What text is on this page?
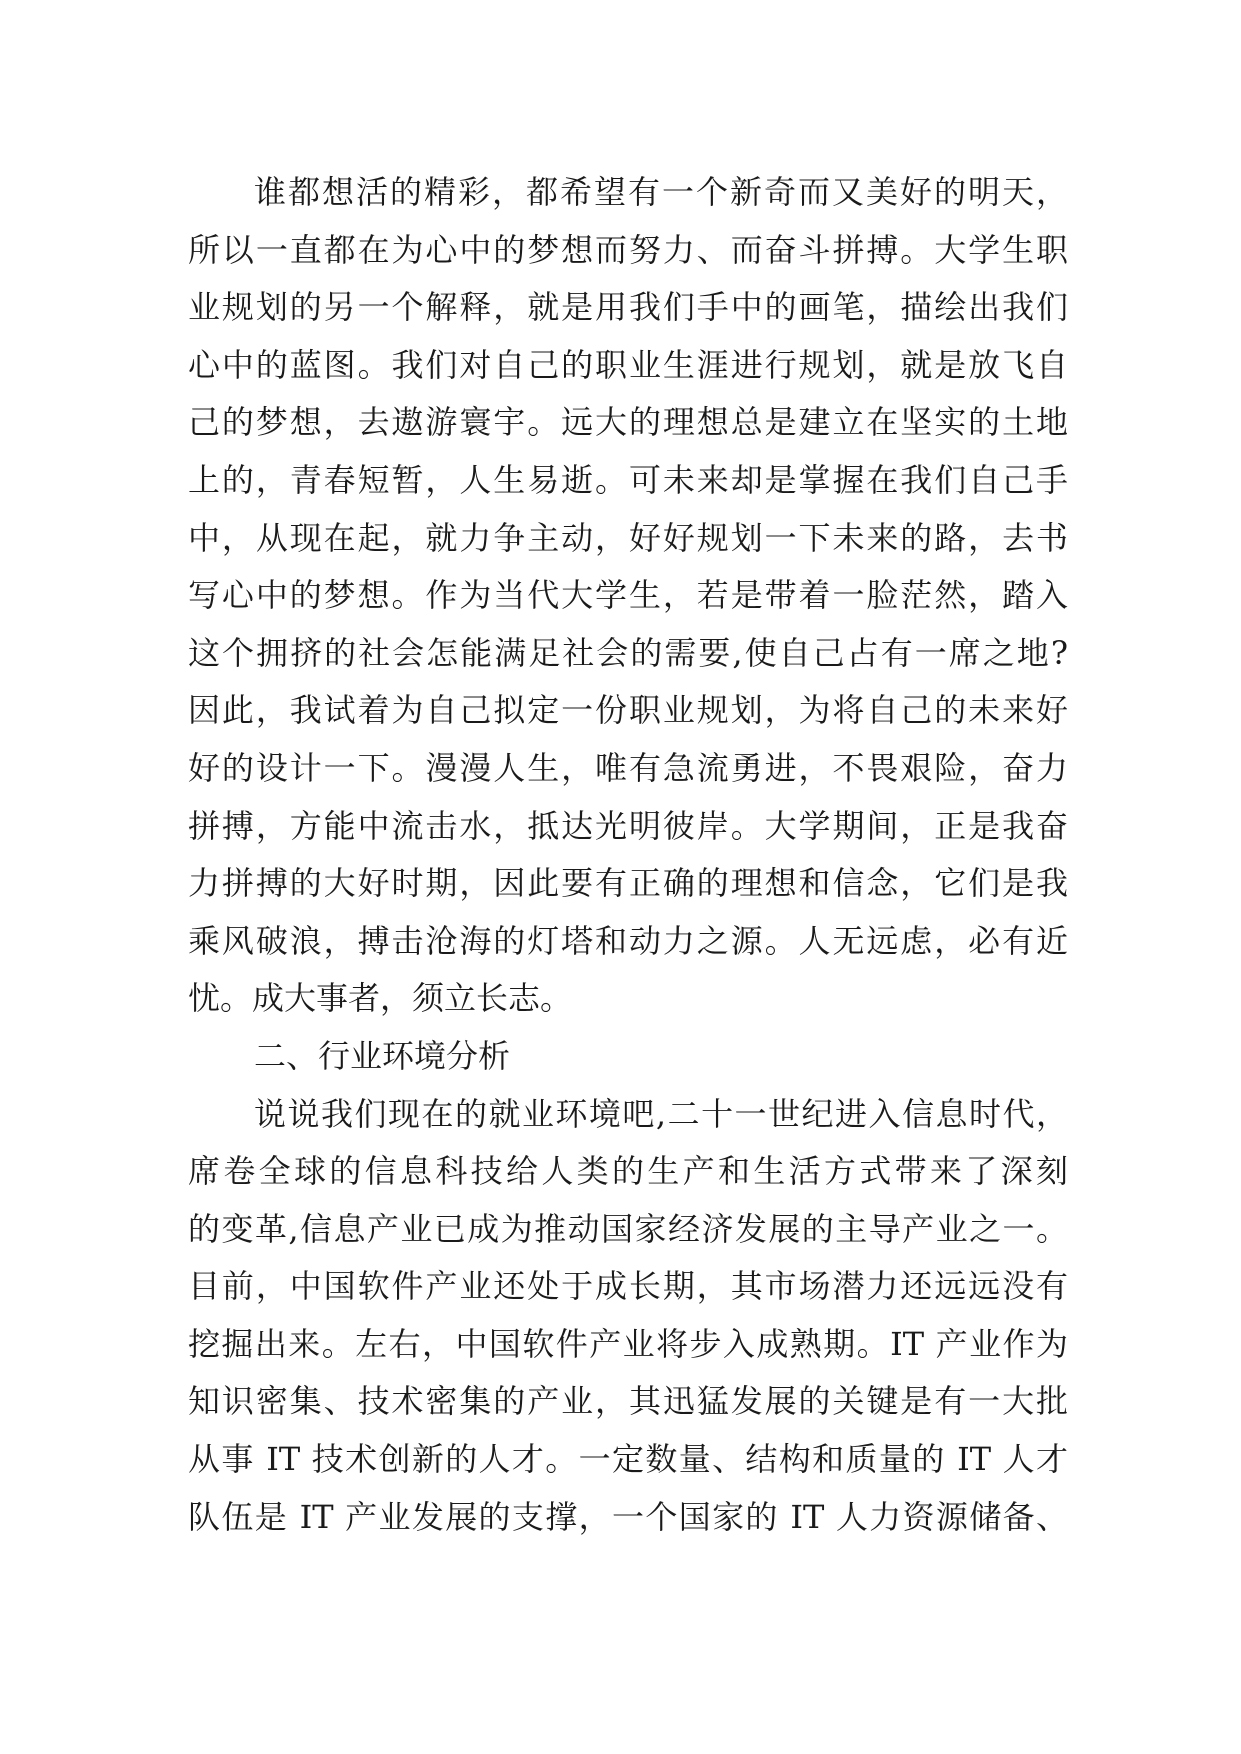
谁都想活的精彩，都希望有一个新奇而又美好的明天，
所以一直都在为心中的梦想而努力、而奋斗拼搏。大学生职
业规划的另一个解释，就是用我们手中的画笔，描绘出我们
心中的蓝图。我们对自己的职业生涯进行规划，就是放飞自
己的梦想，去遨游寰宇。远大的理想总是建立在坚实的土地
上的，青春短暂，人生易逝。可未来却是掌握在我们自己手
中，从现在起，就力争主动，好好规划一下未来的路，去书
写心中的梦想。作为当代大学生，若是带着一脸茫然，踏入
这个拥挤的社会怎能满足社会的需要,使自己占有一席之地?
因此，我试着为自己拟定一份职业规划，为将自己的未来好
好的设计一下。漫漫人生，唯有急流勇进，不畏艰险，奋力
拼搏，方能中流击水，抵达光明彼岸。大学期间，正是我奋
力拼搏的大好时期，因此要有正确的理想和信念，它们是我
乘风破浪，搏击沧海的灯塔和动力之源。人无远虑，必有近
忧。成大事者，须立长志。
二、行业环境分析
说说我们现在的就业环境吧,二十一世纪进入信息时代，
席卷全球的信息科技给人类的生产和生活方式带来了深刻
的变革,信息产业已成为推动国家经济发展的主导产业之一。
目前，中国软件产业还处于成长期，其市场潜力还远远没有
挖掘出来。左右，中国软件产业将步入成熟期。IT 产业作为
知识密集、技术密集的产业，其迅猛发展的关键是有一大批
从事 IT 技术创新的人才。一定数量、结构和质量的 IT 人才
队伍是 IT 产业发展的支撑，一个国家的 IT 人力资源储备、
